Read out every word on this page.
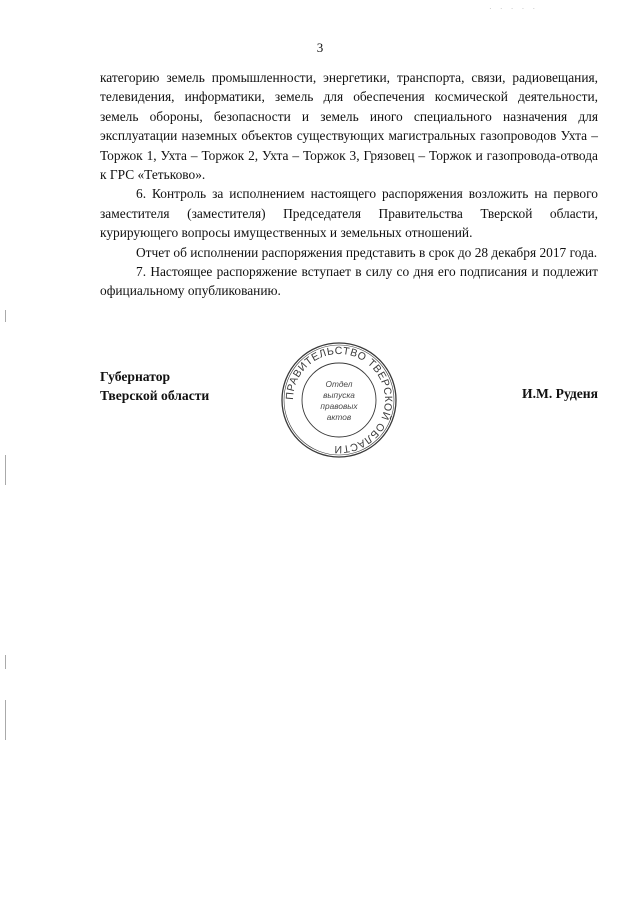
· · · · ·
3

категорию земель промышленности, энергетики, транспорта, связи, радиовещания, телевидения, информатики, земель для обеспечения космической деятельности, земель обороны, безопасности и земель иного специального назначения для эксплуатации наземных объектов существующих магистральных газопроводов Ухта – Торжок 1, Ухта – Торжок 2, Ухта – Торжок 3, Грязовец – Торжок и газопровода-отвода к ГРС «Тетьково».

6. Контроль за исполнением настоящего распоряжения возложить на первого заместителя (заместителя) Председателя Правительства Тверской области, курирующего вопросы имущественных и земельных отношений.

Отчет об исполнении распоряжения представить в срок до 28 декабря 2017 года.

7. Настоящее распоряжение вступает в силу со дня его подписания и подлежит официальному опубликованию.

Губернатор
Тверской области	ПРАВИТЕЛЬСТВО ТВЕРСКОЙ ОБЛАСТИ
Отдел
выпуска
правовых
актов
И.М. Руденя
